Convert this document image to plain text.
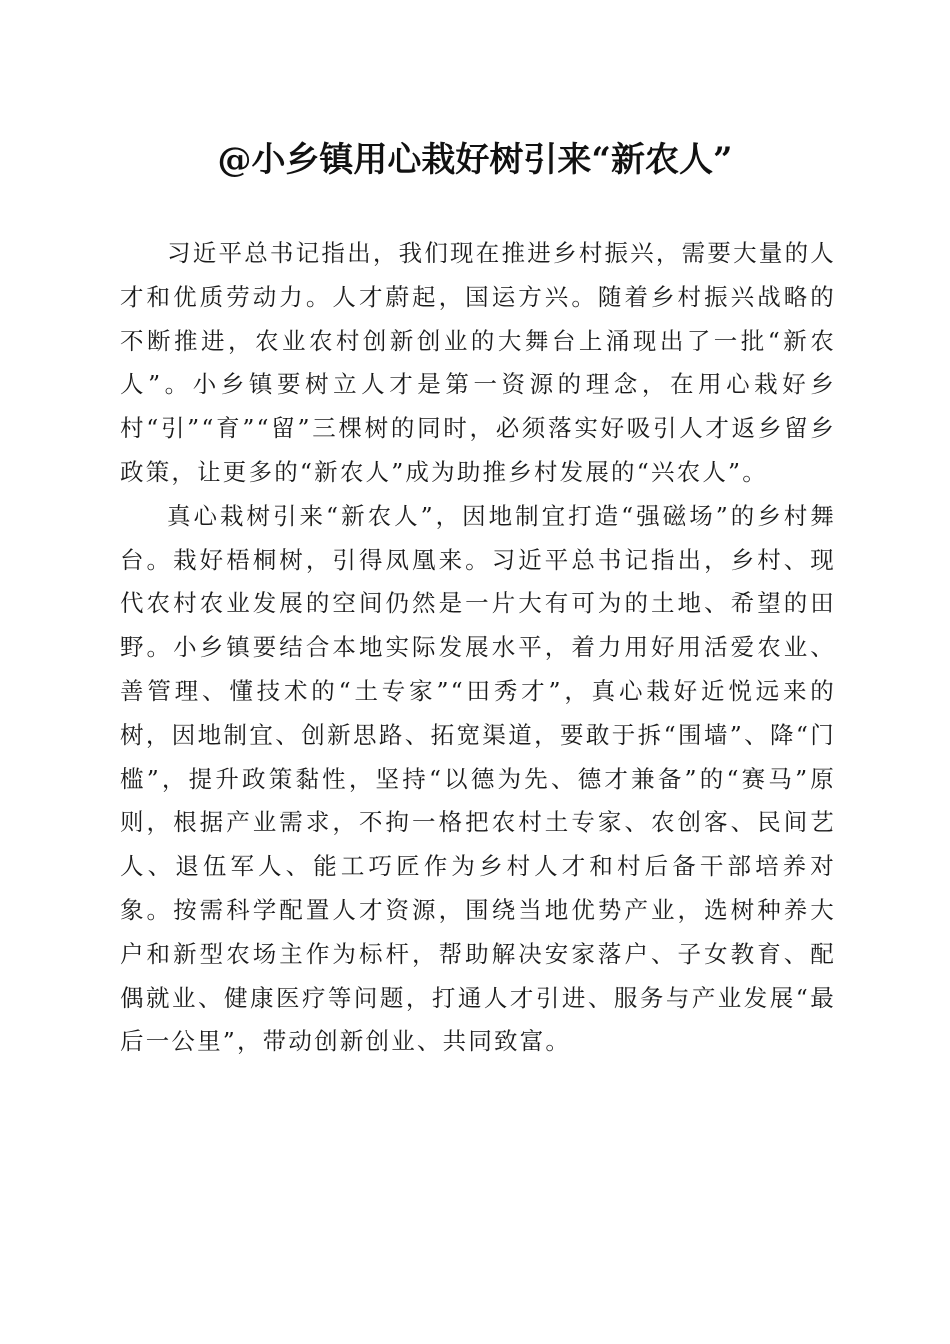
@小乡镇用心栽好树引来“新农人”

习近平总书记指出，我们现在推进乡村振兴，需要大量的人才和优质劳动力。人才蔚起，国运方兴。随着乡村振兴战略的不断推进，农业农村创新创业的大舞台上涌现出了一批“新农人”。小乡镇要树立人才是第一资源的理念，在用心栽好乡村“引”“育”“留”三棵树的同时，必须落实好吸引人才返乡留乡政策，让更多的“新农人”成为助推乡村发展的“兴农人”。

真心栽树引来“新农人”，因地制宜打造“强磁场”的乡村舞台。栽好梧桐树，引得凤凰来。习近平总书记指出，乡村、现代农村农业发展的空间仍然是一片大有可为的土地、希望的田野。小乡镇要结合本地实际发展水平，着力用好用活爱农业、善管理、懂技术的“土专家”“田秀才”，真心栽好近悦远来的树，因地制宜、创新思路、拓宽渠道，要敢于拆“围墙”、降“门槛”，提升政策黏性，坚持“以德为先、德才兼备”的“赛马”原则，根据产业需求，不拘一格把农村土专家、农创客、民间艺人、退伍军人、能工巧匠作为乡村人才和村后备干部培养对象。按需科学配置人才资源，围绕当地优势产业，选树种养大户和新型农场主作为标杆，帮助解决安家落户、子女教育、配偶就业、健康医疗等问题，打通人才引进、服务与产业发展“最后一公里”，带动创新创业、共同致富。
